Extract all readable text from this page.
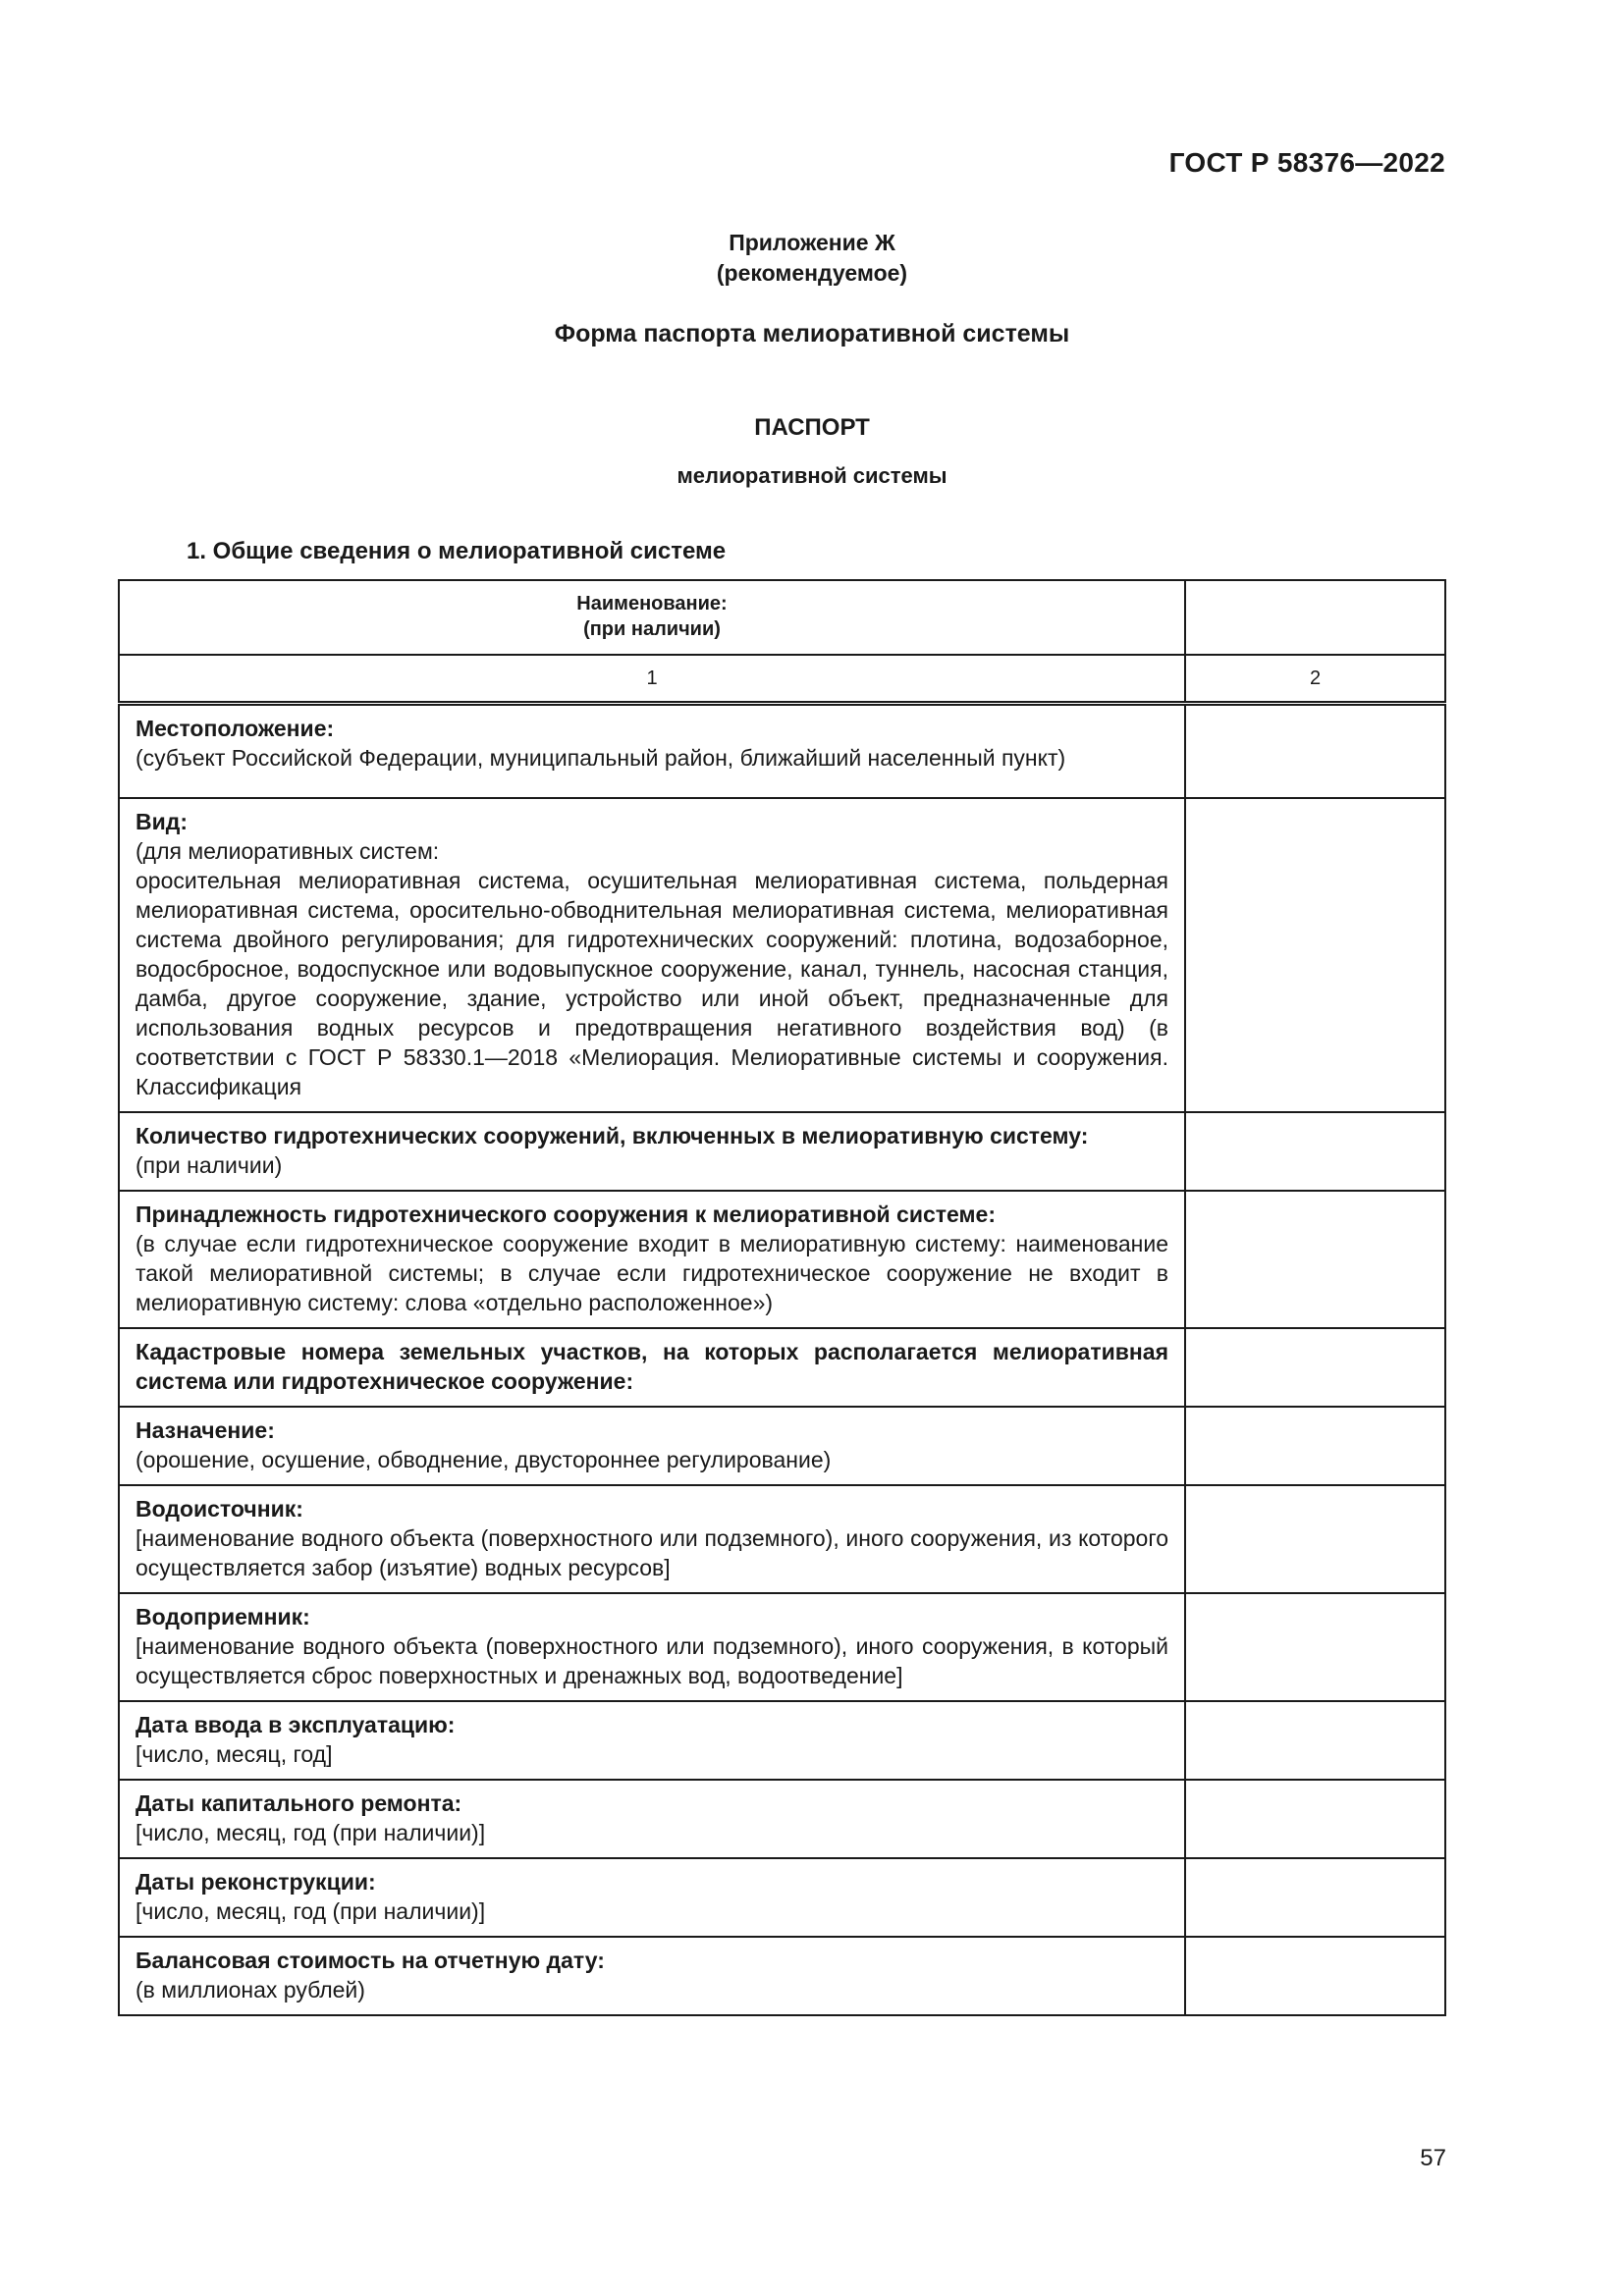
ГОСТ Р 58376—2022
Приложение Ж
(рекомендуемое)
Форма паспорта мелиоративной системы
ПАСПОРТ
мелиоративной системы
1. Общие сведения о мелиоративной системе
Наименование:
(при наличии)	

1	2

Местоположение:
(субъект Российской Федерации, муниципальный район, ближайший населенный пункт)	

Вид:
(для мелиоративных систем:
оросительная мелиоративная система, осушительная мелиоративная система, польдерная мелиоративная система, оросительно-обводнительная мелиоративная система, мелиоративная система двойного регулирования; для гидротехнических сооружений: плотина, водозаборное, водосбросное, водоспускное или водовыпускное сооружение, канал, туннель, насосная станция, дамба, другое сооружение, здание, устройство или иной объект, предназначенные для использования водных ресурсов и предотвращения негативного воздействия вод) (в соответствии с ГОСТ Р 58330.1—2018 «Мелиорация. Мелиоративные системы и сооружения. Классификация	

Количество гидротехнических сооружений, включенных в мелиоративную систему:
(при наличии)	

Принадлежность гидротехнического сооружения к мелиоративной системе:
(в случае если гидротехническое сооружение входит в мелиоративную систему: наименование такой мелиоративной системы; в случае если гидротехническое сооружение не входит в мелиоративную систему: слова «отдельно расположенное»)	

Кадастровые номера земельных участков, на которых располагается мелиоративная система или гидротехническое сооружение:	

Назначение:
(орошение, осушение, обводнение, двустороннее регулирование)	

Водоисточник:
[наименование водного объекта (поверхностного или подземного), иного сооружения, из которого осуществляется забор (изъятие) водных ресурсов]	

Водоприемник:
[наименование водного объекта (поверхностного или подземного), иного сооружения, в который осуществляется сброс поверхностных и дренажных вод, водоотведение]	

Дата ввода в эксплуатацию:
[число, месяц, год]	

Даты капитального ремонта:
[число, месяц, год (при наличии)]	

Даты реконструкции:
[число, месяц, год (при наличии)]	

Балансовая стоимость на отчетную дату:
(в миллионах рублей)	

57
